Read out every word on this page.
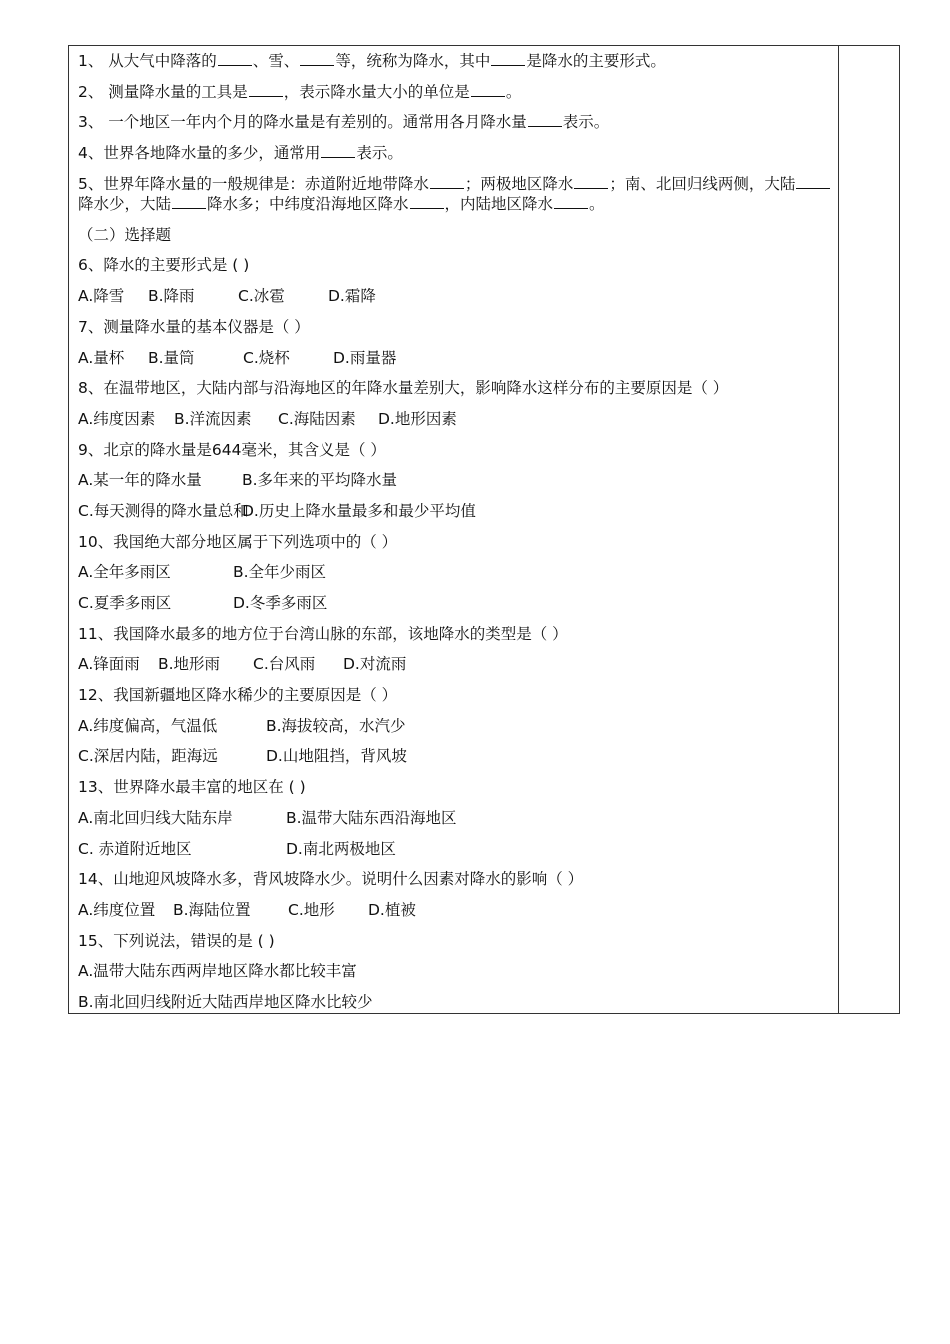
1、 从大气中降落的 、雪、 等，统称为降水，其中 是降水的主要形式。
2、 测量降水量的工具是 ，表示降水量大小的单位是 。
3、 一个地区一年内个月的降水量是有差别的。通常用各月降水量 表示。
4、世界各地降水量的多少，通常用 表示。
5、世界年降水量的一般规律是：赤道附近地带降水 ；两极地区降水 ；南、北回归线两侧，大陆降水少，大陆 降水多；中纬度沿海地区降水 ，内陆地区降水 。
（二）选择题
6、降水的主要形式是 ( )
A.降雪 B.降雨	C.冰雹	D.霜降
7、测量降水量的基本仪器是（ ）
A.量杯 B.量筒	C.烧杯	D.雨量器
8、在温带地区，大陆内部与沿海地区的年降水量差别大，影响降水这样分布的主要原因是（ ）
A.纬度因素 B.洋流因素 C.海陆因素 D.地形因素
9、北京的降水量是644毫米，其含义是（ ）
A.某一年的降水量	B.多年来的平均降水量
C.每天测得的降水量总和D.历史上降水量最多和最少平均值
10、我国绝大部分地区属于下列选项中的（ ）
A.全年多雨区	B.全年少雨区
C.夏季多雨区	D.冬季多雨区
11、我国降水最多的地方位于台湾山脉的东部，该地降水的类型是（ ）
A.锋面雨 B.地形雨 C.台风雨 D.对流雨
12、我国新疆地区降水稀少的主要原因是（ ）
A.纬度偏高，气温低	B.海拔较高，水汽少
C.深居内陆，距海远	D.山地阻挡，背风坡
13、世界降水最丰富的地区在 ( )
A.南北回归线大陆东岸	B.温带大陆东西沿海地区
C. 赤道附近地区	D.南北两极地区
14、山地迎风坡降水多，背风坡降水少。说明什么因素对降水的影响（ ）
A.纬度位置 B.海陆位置 C.地形 D.植被
15、下列说法，错误的是 ( )
A.温带大陆东西两岸地区降水都比较丰富
B.南北回归线附近大陆西岸地区降水比较少
